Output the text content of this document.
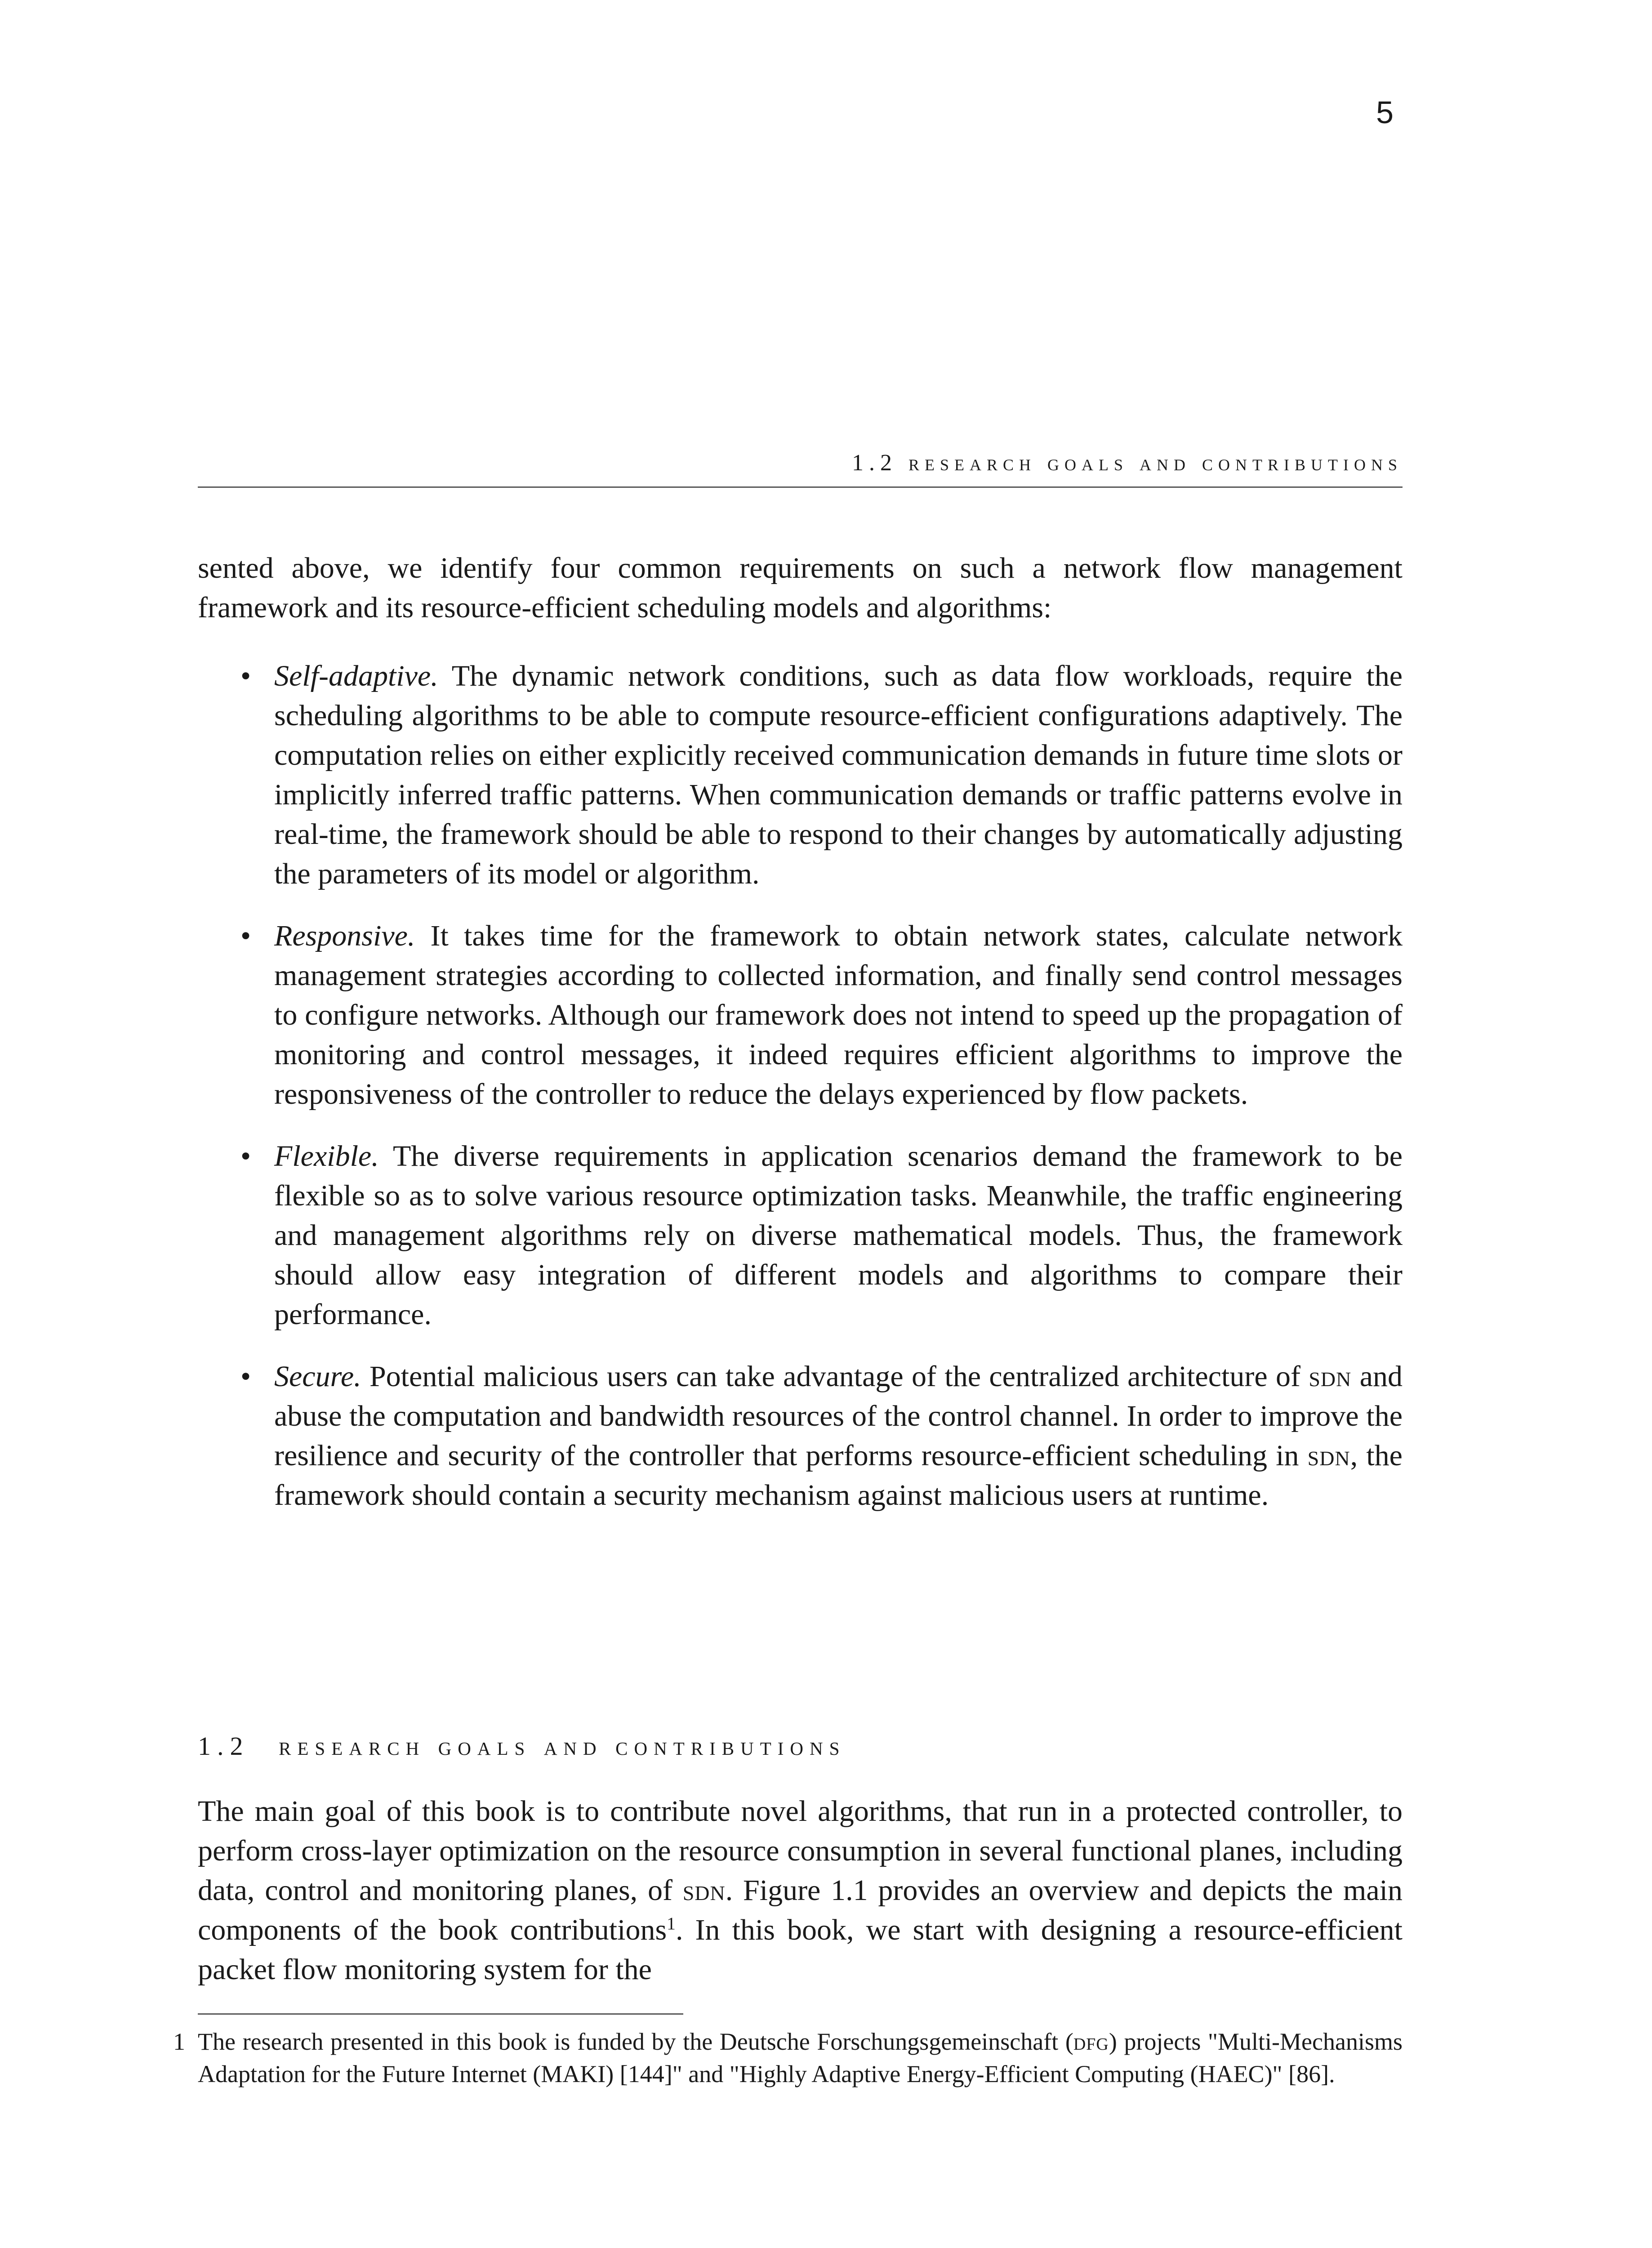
5
1.2 research goals and contributions

sented above, we identify four common requirements on such a network flow management framework and its resource-efficient scheduling models and algorithms:

• Self-adaptive. The dynamic network conditions, such as data flow workloads, require the scheduling algorithms to be able to compute resource-efficient configurations adaptively. The computation relies on either explicitly received communication demands in future time slots or implicitly inferred traffic patterns. When communication demands or traffic patterns evolve in real-time, the framework should be able to respond to their changes by automatically adjusting the parameters of its model or algorithm.
• Responsive. It takes time for the framework to obtain network states, calculate network management strategies according to collected information, and finally send control messages to configure networks. Although our framework does not intend to speed up the propagation of monitoring and control messages, it indeed requires efficient algorithms to improve the responsiveness of the controller to reduce the delays experienced by flow packets.
• Flexible. The diverse requirements in application scenarios demand the framework to be flexible so as to solve various resource optimization tasks. Meanwhile, the traffic engineering and management algorithms rely on diverse mathematical models. Thus, the framework should allow easy integration of different models and algorithms to compare their performance.
• Secure. Potential malicious users can take advantage of the centralized architecture of sdn and abuse the computation and bandwidth resources of the control channel. In order to improve the resilience and security of the controller that performs resource-efficient scheduling in sdn, the framework should contain a security mechanism against malicious users at runtime.
1.2 research goals and contributions

The main goal of this book is to contribute novel algorithms, that run in a protected controller, to perform cross-layer optimization on the resource consumption in several functional planes, including data, control and monitoring planes, of sdn. Figure 1.1 provides an overview and depicts the main components of the book contributions$^1$. In this book, we start with designing a resource-efficient packet flow monitoring system for the

1 The research presented in this book is funded by the Deutsche Forschungsgemeinschaft (dfg) projects "Multi-Mechanisms Adaptation for the Future Internet (MAKI) [144]" and "Highly Adaptive Energy-Efficient Computing (HAEC)" [86].
